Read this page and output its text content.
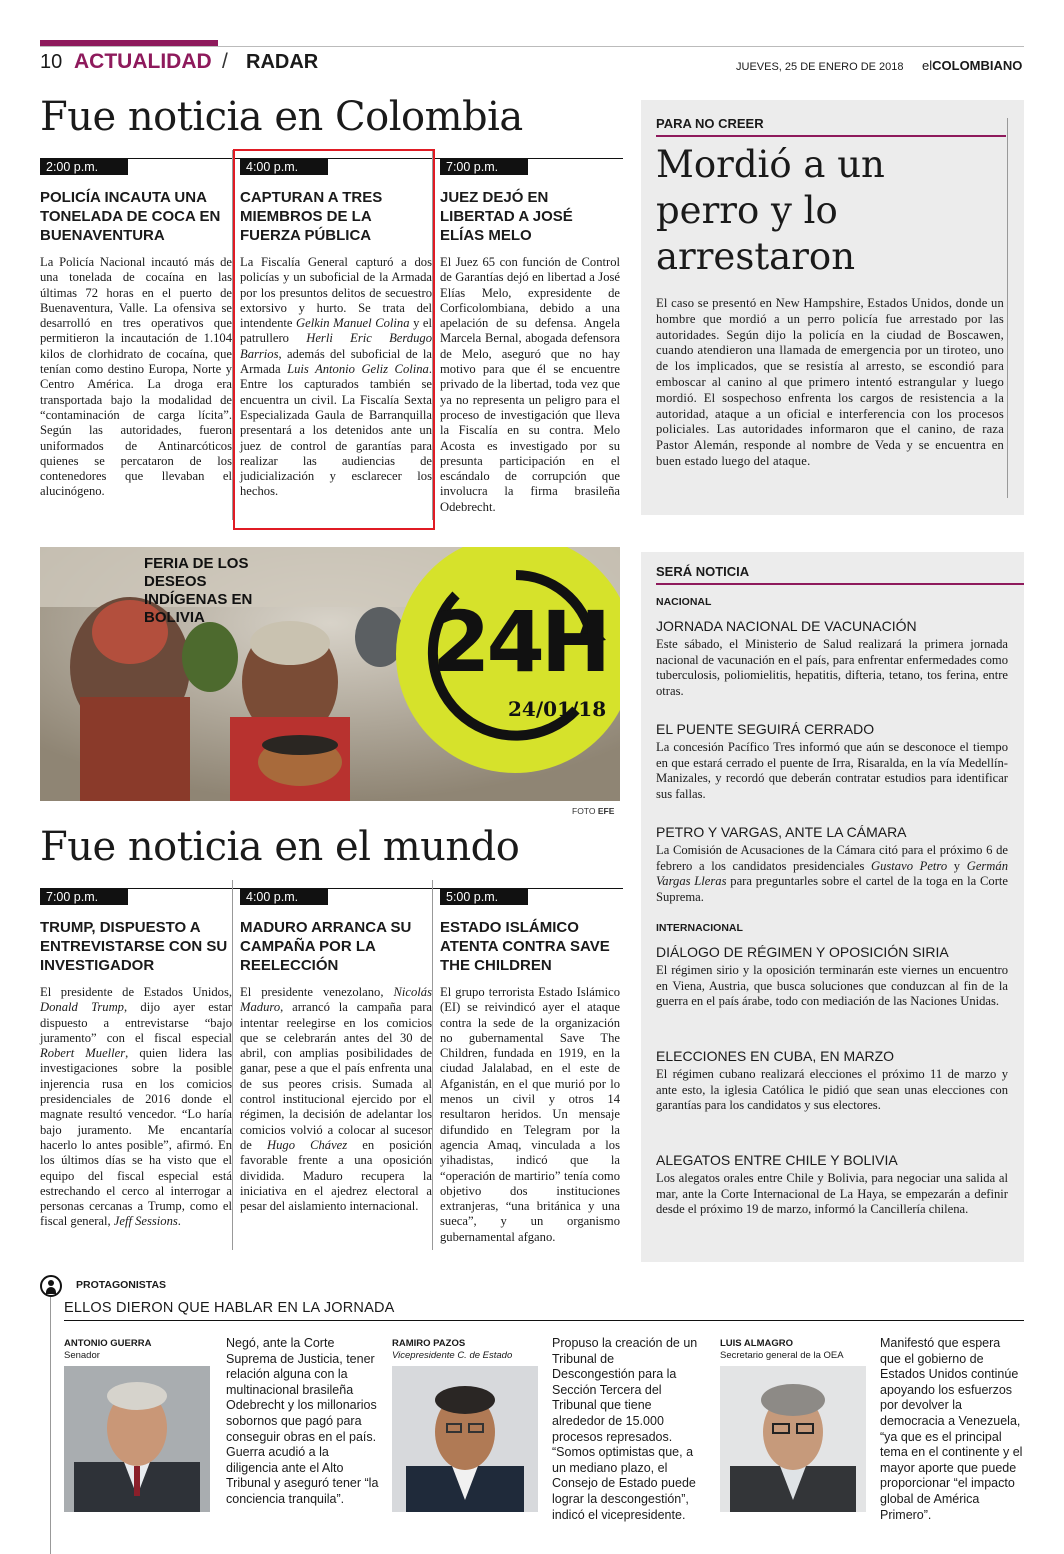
10 ACTUALIDAD / RADAR	JUEVES, 25 DE ENERO DE 2018 elCOLOMBIANO
Fue noticia en Colombia
2:00 p.m.
POLICÍA INCAUTA UNA TONELADA DE COCA EN BUENAVENTURA
La Policía Nacional incautó más de una tonelada de cocaína en las últimas 72 horas en el puerto de Buenaventura, Valle. La ofensiva se desarrolló en tres operativos que permitieron la incautación de 1.104 kilos de clorhidrato de cocaína, que tenían como destino Europa, Norte y Centro América. La droga era transportada bajo la modalidad de “contaminación de carga lícita”. Según las autoridades, fueron uniformados de Antinarcóticos quienes se percataron de los contenedores que llevaban el alucinógeno.
4:00 p.m.
CAPTURAN A TRES MIEMBROS DE LA FUERZA PÚBLICA
La Fiscalía General capturó a dos policías y un suboficial de la Armada por los presuntos delitos de secuestro extorsivo y hurto. Se trata del intendente Gelkin Manuel Colina y el patrullero Herli Eric Berdugo Barrios, además del suboficial de la Armada Luis Antonio Geliz Colina. Entre los capturados también se encuentra un civil. La Fiscalía Sexta Especializada Gaula de Barranquilla presentará a los detenidos ante un juez de control de garantías para realizar las audiencias de judicialización y esclarecer los hechos.
7:00 p.m.
JUEZ DEJÓ EN LIBERTAD A JOSÉ ELÍAS MELO
El Juez 65 con función de Control de Garantías dejó en libertad a José Elías Melo, expresidente de Corficolombiana, debido a una apelación de su defensa. Angela Marcela Bernal, abogada defensora de Melo, aseguró que no hay motivo para que él se encuentre privado de la libertad, toda vez que ya no representa un peligro para el proceso de investigación que lleva la Fiscalía en su contra. Melo Acosta es investigado por su presunta participación en el escándalo de corrupción que involucra la firma brasileña Odebrecht.
PARA NO CREER
Mordió a un perro y lo arrestaron
El caso se presentó en New Hampshire, Estados Unidos, donde un hombre que mordió a un perro policía fue arrestado por las autoridades. Según dijo la policía en la ciudad de Boscawen, cuando atendieron una llamada de emergencia por un tiroteo, uno de los implicados, que se resistía al arresto, se escondió para emboscar al canino al que primero intentó estrangular y luego mordió. El sospechoso enfrenta los cargos de resistencia a la autoridad, ataque a un oficial e interferencia con los procesos policiales. Las autoridades informaron que el canino, de raza Pastor Alemán, responde al nombre de Veda y se encuentra en buen estado luego del ataque.
FERIA DE LOS DESEOS INDÍGENAS EN BOLIVIA	24H
24/01/18
FOTO EFE
SERÁ NOTICIA
NACIONAL
JORNADA NACIONAL DE VACUNACIÓN
Este sábado, el Ministerio de Salud realizará la primera jornada nacional de vacunación en el país, para enfrentar enfermedades como tuberculosis, poliomielitis, hepatitis, difteria, tetano, tos ferina, entre otras.
EL PUENTE SEGUIRÁ CERRADO
La concesión Pacífico Tres informó que aún se desconoce el tiempo en que estará cerrado el puente de Irra, Risaralda, en la vía Medellín-Manizales, y recordó que deberán contratar estudios para identificar sus fallas.
PETRO Y VARGAS, ANTE LA CÁMARA
La Comisión de Acusaciones de la Cámara citó para el próximo 6 de febrero a los candidatos presidenciales Gustavo Petro y Germán Vargas Lleras para preguntarles sobre el cartel de la toga en la Corte Suprema.
INTERNACIONAL
DIÁLOGO DE RÉGIMEN Y OPOSICIÓN SIRIA
El régimen sirio y la oposición terminarán este viernes un encuentro en Viena, Austria, que busca soluciones que conduzcan al fin de la guerra en el país árabe, todo con mediación de las Naciones Unidas.
ELECCIONES EN CUBA, EN MARZO
El régimen cubano realizará elecciones el próximo 11 de marzo y ante esto, la iglesia Católica le pidió que sean unas elecciones con garantías para los candidatos y sus electores.
ALEGATOS ENTRE CHILE Y BOLIVIA
Los alegatos orales entre Chile y Bolivia, para negociar una salida al mar, ante la Corte Internacional de La Haya, se empezarán a definir desde el próximo 19 de marzo, informó la Cancillería chilena.
Fue noticia en el mundo
7:00 p.m.
TRUMP, DISPUESTO A ENTREVISTARSE CON SU INVESTIGADOR
El presidente de Estados Unidos, Donald Trump, dijo ayer estar dispuesto a entrevistarse “bajo juramento” con el fiscal especial Robert Mueller, quien lidera las investigaciones sobre la posible injerencia rusa en los comicios presidenciales de 2016 donde el magnate resultó vencedor. “Lo haría bajo juramento. Me encantaría hacerlo lo antes posible”, afirmó. En los últimos días se ha visto que el equipo del fiscal especial está estrechando el cerco al interrogar a personas cercanas a Trump, como el fiscal general, Jeff Sessions.
4:00 p.m.
MADURO ARRANCA SU CAMPAÑA POR LA REELECCIÓN
El presidente venezolano, Nicolás Maduro, arrancó la campaña para intentar reelegirse en los comicios que se celebrarán antes del 30 de abril, con amplias posibilidades de ganar, pese a que el país enfrenta una de sus peores crisis. Sumada al control institucional ejercido por el régimen, la decisión de adelantar los comicios volvió a colocar al sucesor de Hugo Chávez en posición favorable frente a una oposición dividida. Maduro recupera la iniciativa en el ajedrez electoral a pesar del aislamiento internacional.
5:00 p.m.
ESTADO ISLÁMICO ATENTA CONTRA SAVE THE CHILDREN
El grupo terrorista Estado Islámico (EI) se reivindicó ayer el ataque contra la sede de la organización no gubernamental Save The Children, fundada en 1919, en la ciudad Jalalabad, en el este de Afganistán, en el que murió por lo menos un civil y otros 14 resultaron heridos. Un mensaje difundido en Telegram por la agencia Amaq, vinculada a los yihadistas, indicó que la “operación de martirio” tenía como objetivo dos instituciones extranjeras, “una británica y una sueca”, y un organismo gubernamental afgano.
PROTAGONISTAS
ELLOS DIERON QUE HABLAR EN LA JORNADA
ANTONIO GUERRA
Senador
Negó, ante la Corte Suprema de Justicia, tener relación alguna con la multinacional brasileña Odebrecht y los millonarios sobornos que pagó para conseguir obras en el país. Guerra acudió a la diligencia ante el Alto Tribunal y aseguró tener “la conciencia tranquila”.
RAMIRO PAZOS
Vicepresidente C. de Estado
Propuso la creación de un Tribunal de Descongestión para la Sección Tercera del Tribunal que tiene alrededor de 15.000 procesos represados. “Somos optimistas que, a un mediano plazo, el Consejo de Estado puede lograr la descongestión”, indicó el vicepresidente.
LUIS ALMAGRO
Secretario general de la OEA
Manifestó que espera que el gobierno de Estados Unidos continúe apoyando los esfuerzos por devolver la democracia a Venezuela, “ya que es el principal tema en el continente y el mayor aporte que puede proporcionar “el impacto global de América Primero”.
